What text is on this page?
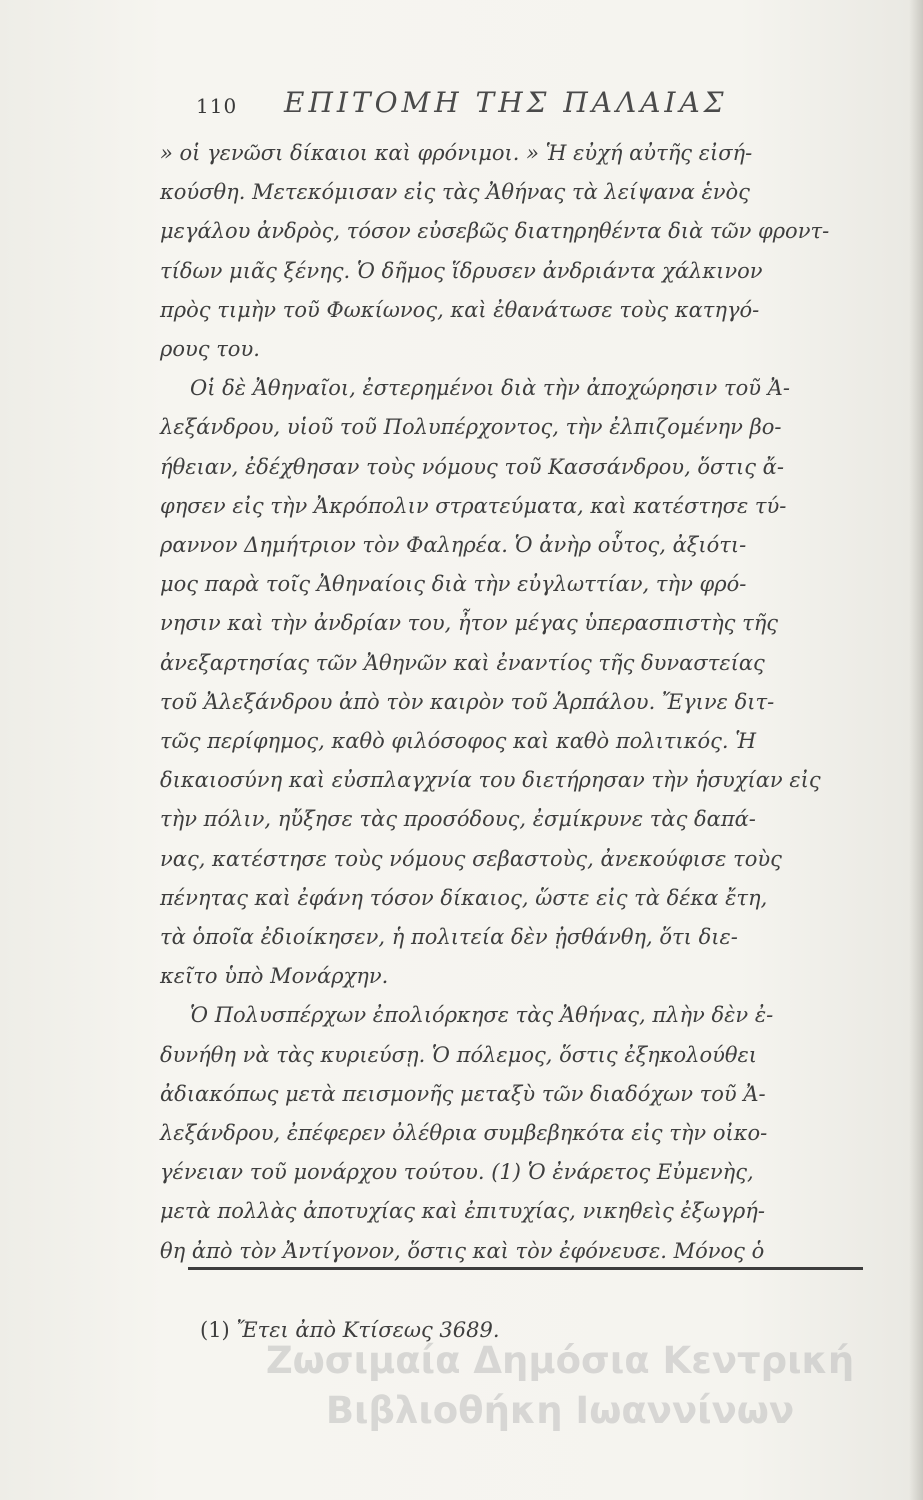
110 ΕΠΙΤΟΜΗ ΤΗΣ ΠΑΛΑΙΑΣ

» οἱ γενῶσι δίκαιοι καὶ φρόνιμοι. » Ἡ εὐχή αὐτῆς εἰσή-
κούσθη. Μετεκόμισαν εἰς τὰς Ἀθήνας τὰ λείψανα ἑνὸς
μεγάλου ἀνδρὸς, τόσον εὐσεβῶς διατηρηθέντα διὰ τῶν φροντ-
τίδων μιᾶς ξένης. Ὁ δῆμος ἵδρυσεν ἀνδριάντα χάλκινον
πρὸς τιμὴν τοῦ Φωκίωνος, καὶ ἐθανάτωσε τοὺς κατηγό-
ρους του.

Οἱ δὲ Ἀθηναῖοι, ἐστερημένοι διὰ τὴν ἀποχώρησιν τοῦ Ἀ-
λεξάνδρου, υἱοῦ τοῦ Πολυπέρχοντος, τὴν ἐλπιζομένην βο-
ήθειαν, ἐδέχθησαν τοὺς νόμους τοῦ Κασσάνδρου, ὅστις ἄ-
φησεν εἰς τὴν Ἀκρόπολιν στρατεύματα, καὶ κατέστησε τύ-
ραννον Δημήτριον τὸν Φαληρέα. Ὁ ἀνὴρ οὗτος, ἀξιότι-
μος παρὰ τοῖς Ἀθηναίοις διὰ τὴν εὐγλωττίαν, τὴν φρό-
νησιν καὶ τὴν ἀνδρίαν του, ἦτον μέγας ὑπερασπιστὴς τῆς
ἀνεξαρτησίας τῶν Ἀθηνῶν καὶ ἐναντίος τῆς δυναστείας
τοῦ Ἀλεξάνδρου ἀπὸ τὸν καιρὸν τοῦ Ἁρπάλου. Ἔγινε διτ-
τῶς περίφημος, καθὸ φιλόσοφος καὶ καθὸ πολιτικός. Ἡ
δικαιοσύνη καὶ εὐσπλαγχνία του διετήρησαν τὴν ἡσυχίαν εἰς
τὴν πόλιν, ηὔξησε τὰς προσόδους, ἐσμίκρυνε τὰς δαπά-
νας, κατέστησε τοὺς νόμους σεβαστοὺς, ἀνεκούφισε τοὺς
πένητας καὶ ἐφάνη τόσον δίκαιος, ὥστε εἰς τὰ δέκα ἔτη,
τὰ ὁποῖα ἐδιοίκησεν, ἡ πολιτεία δὲν ᾐσθάνθη, ὅτι διε-
κεῖτο ὑπὸ Μονάρχην.

Ὁ Πολυσπέρχων ἐπολιόρκησε τὰς Ἀθήνας, πλὴν δὲν ἐ-
δυνήθη νὰ τὰς κυριεύσῃ. Ὁ πόλεμος, ὅστις ἐξηκολούθει
ἀδιακόπως μετὰ πεισμονῆς μεταξὺ τῶν διαδόχων τοῦ Ἀ-
λεξάνδρου, ἐπέφερεν ὀλέθρια συμβεβηκότα εἰς τὴν οἰκο-
γένειαν τοῦ μονάρχου τούτου. (1) Ὁ ἐνάρετος Εὐμενὴς,
μετὰ πολλὰς ἀποτυχίας καὶ ἐπιτυχίας, νικηθεὶς ἐξωγρή-
θη ἀπὸ τὸν Ἀντίγονον, ὅστις καὶ τὸν ἐφόνευσε. Μόνος ὁ

(1) Ἔτει ἀπὸ Κτίσεως 3689.
Ζωσιμαία Δημόσια Κεντρική
Βιβλιοθήκη Ιωαννίνων
